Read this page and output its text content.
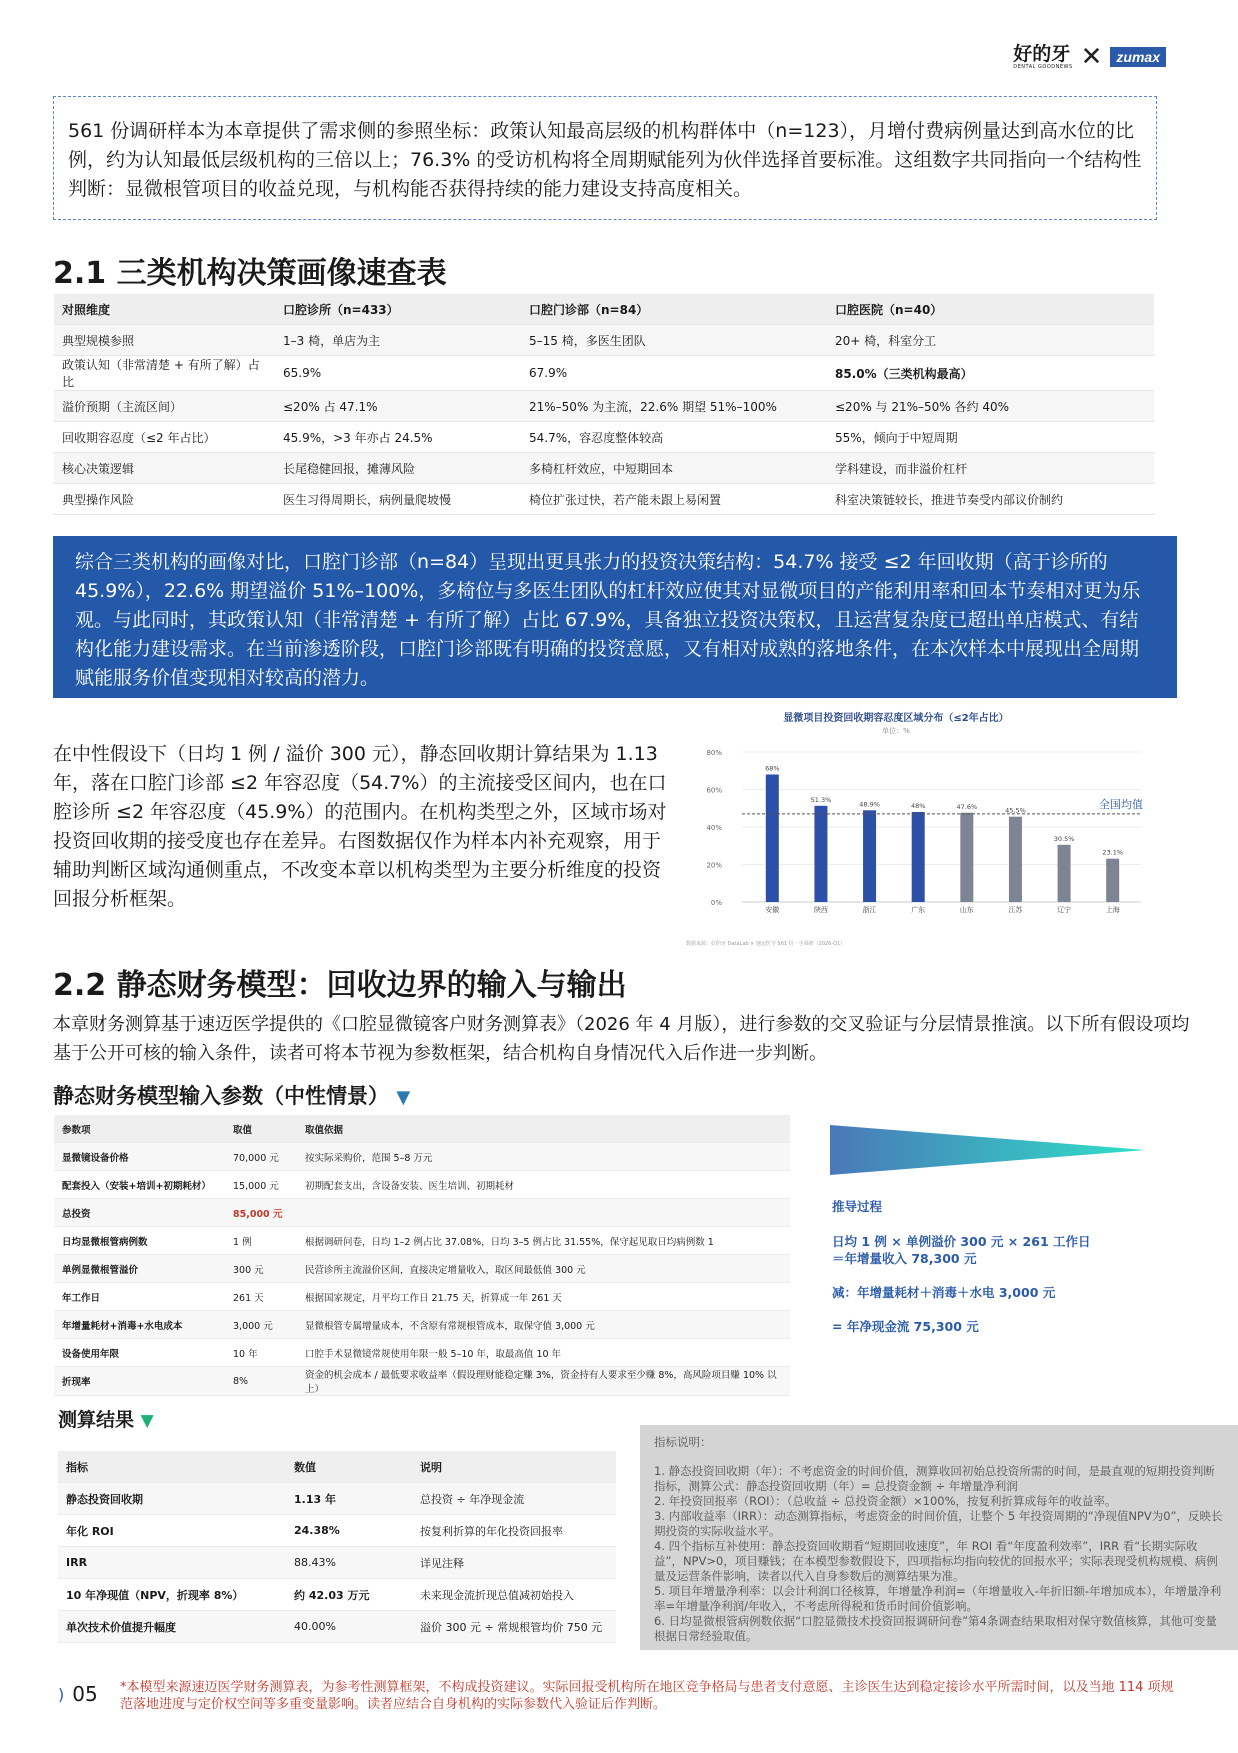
好的牙
DENTAL GOODNEWS ✕	zumax
561 份调研样本为本章提供了需求侧的参照坐标：政策认知最高层级的机构群体中（n=123），月增付费病例量达到高水位的比例，约为认知最低层级机构的三倍以上；76.3% 的受访机构将全周期赋能列为伙伴选择首要标准。这组数字共同指向一个结构性判断：显微根管项目的收益兑现，与机构能否获得持续的能力建设支持高度相关。
2.1 三类机构决策画像速查表
对照维度	口腔诊所（n=433）	口腔门诊部（n=84）	口腔医院（n=40）
典型规模参照	1–3 椅，单店为主	5–15 椅，多医生团队	20+ 椅，科室分工
政策认知（非常清楚 + 有所了解）占比	65.9%	67.9%	85.0%（三类机构最高）
溢价预期（主流区间）	≤20% 占 47.1%	21%–50% 为主流，22.6% 期望 51%–100%	≤20% 与 21%–50% 各约 40%
回收期容忍度（≤2 年占比）	45.9%，>3 年亦占 24.5%	54.7%，容忍度整体较高	55%，倾向于中短周期
核心决策逻辑	长尾稳健回报，摊薄风险	多椅杠杆效应，中短期回本	学科建设，而非溢价杠杆
典型操作风险	医生习得周期长，病例量爬坡慢	椅位扩张过快，若产能未跟上易闲置	科室决策链较长，推进节奏受内部议价制约
综合三类机构的画像对比，口腔门诊部（n=84）呈现出更具张力的投资决策结构：54.7% 接受 ≤2 年回收期（高于诊所的 45.9%），22.6% 期望溢价 51%–100%，多椅位与多医生团队的杠杆效应使其对显微项目的产能利用率和回本节奏相对更为乐观。与此同时，其政策认知（非常清楚 + 有所了解）占比 67.9%，具备独立投资决策权，且运营复杂度已超出单店模式、有结构化能力建设需求。在当前渗透阶段，口腔门诊部既有明确的投资意愿，又有相对成熟的落地条件，在本次样本中展现出全周期赋能服务价值变现相对较高的潜力。
在中性假设下（日均 1 例 / 溢价 300 元），静态回收期计算结果为 1.13 年，落在口腔门诊部 ≤2 年容忍度（54.7%）的主流接受区间内，也在口腔诊所 ≤2 年容忍度（45.9%）的范围内。在机构类型之外，区域市场对投资回收期的接受度也存在差异。右图数据仅作为样本内补充观察，用于辅助判断区域沟通侧重点，不改变本章以机构类型为主要分析维度的投资回报分析框架。
显微项目投资回收期容忍度区域分布（≤2年占比）
单位：%
0%
20%
40%
60%
80%
68%
安徽
51.3%
陕西
48.9%
浙江
48%
广东
47.6%
山东
45.5%
江苏
30.5%
辽宁
23.1%
上海
全国均值
数据来源：好的牙 DataLab × 速迈医学 561 份一手调研（2026-Q1）
2.2 静态财务模型：回收边界的输入与输出
本章财务测算基于速迈医学提供的《口腔显微镜客户财务测算表》（2026 年 4 月版），进行参数的交叉验证与分层情景推演。以下所有假设项均基于公开可核的输入条件，读者可将本节视为参数框架，结合机构自身情况代入后作进一步判断。
静态财务模型输入参数（中性情景） ▼
参数项	取值	取值依据
显微镜设备价格	70,000 元	按实际采购价，范围 5–8 万元
配套投入（安装+培训+初期耗材）	15,000 元	初期配套支出，含设备安装、医生培训、初期耗材
总投资	85,000 元	
日均显微根管病例数	1 例	根据调研问卷，日均 1–2 例占比 37.08%，日均 3–5 例占比 31.55%，保守起见取日均病例数 1
单例显微根管溢价	300 元	民营诊所主流溢价区间，直接决定增量收入，取区间最低值 300 元
年工作日	261 天	根据国家规定，月平均工作日 21.75 天，折算成一年 261 天
年增量耗材+消毒+水电成本	3,000 元	显微根管专属增量成本，不含原有常规根管成本，取保守值 3,000 元
设备使用年限	10 年	口腔手术显微镜常规使用年限一般 5–10 年，取最高值 10 年
折现率	8%	资金的机会成本 / 最低要求收益率（假设理财能稳定赚 3%，资金持有人要求至少赚 8%，高风险项目赚 10% 以上）
推导过程
日均 1 例 × 单例溢价 300 元 × 261 工作日
＝年增量收入 78,300 元
减：年增量耗材＋消毒＋水电 3,000 元
= 年净现金流 75,300 元
测算结果 ▼
指标	数值	说明
静态投资回收期	1.13 年	总投资 ÷ 年净现金流
年化 ROI	24.38%	按复利折算的年化投资回报率
IRR	88.43%	详见注释
10 年净现值（NPV，折现率 8%）	约 42.03 万元	未来现金流折现总值减初始投入
单次技术价值提升幅度	40.00%	溢价 300 元 ÷ 常规根管均价 750 元
指标说明：
1. 静态投资回收期（年）：不考虑资金的时间价值，测算收回初始总投资所需的时间，是最直观的短期投资判断指标，测算公式：静态投资回收期（年）= 总投资金额 ÷ 年增量净利润
2. 年投资回报率（ROI）：（总收益 ÷ 总投资金额）×100%，按复利折算成每年的收益率。
3. 内部收益率（IRR）：动态测算指标，考虑资金的时间价值，让整个 5 年投资周期的“净现值NPV为0”，反映长期投资的实际收益水平。
4. 四个指标互补使用：静态投资回收期看“短期回收速度”，年 ROI 看“年度盈利效率”，IRR 看“长期实际收益”，NPV>0，项目赚钱；在本模型参数假设下，四项指标均指向较优的回报水平；实际表现受机构规模、病例量及运营条件影响，读者以代入自身参数后的测算结果为准。
5. 项目年增量净利率：以会计利润口径核算，年增量净利润=（年增量收入-年折旧额-年增加成本），年增量净利率=年增量净利润/年收入，不考虑所得税和货币时间价值影响。
6. 日均显微根管病例数依据“口腔显微技术投资回报调研问卷”第4条调查结果取相对保守数值核算，其他可变量根据日常经验取值。
) 05 *本模型来源速迈医学财务测算表，为参考性测算框架，不构成投资建议。实际回报受机构所在地区竞争格局与患者支付意愿、主诊医生达到稳定接诊水平所需时间，以及当地 114 项规范落地进度与定价权空间等多重变量影响。读者应结合自身机构的实际参数代入验证后作判断。
